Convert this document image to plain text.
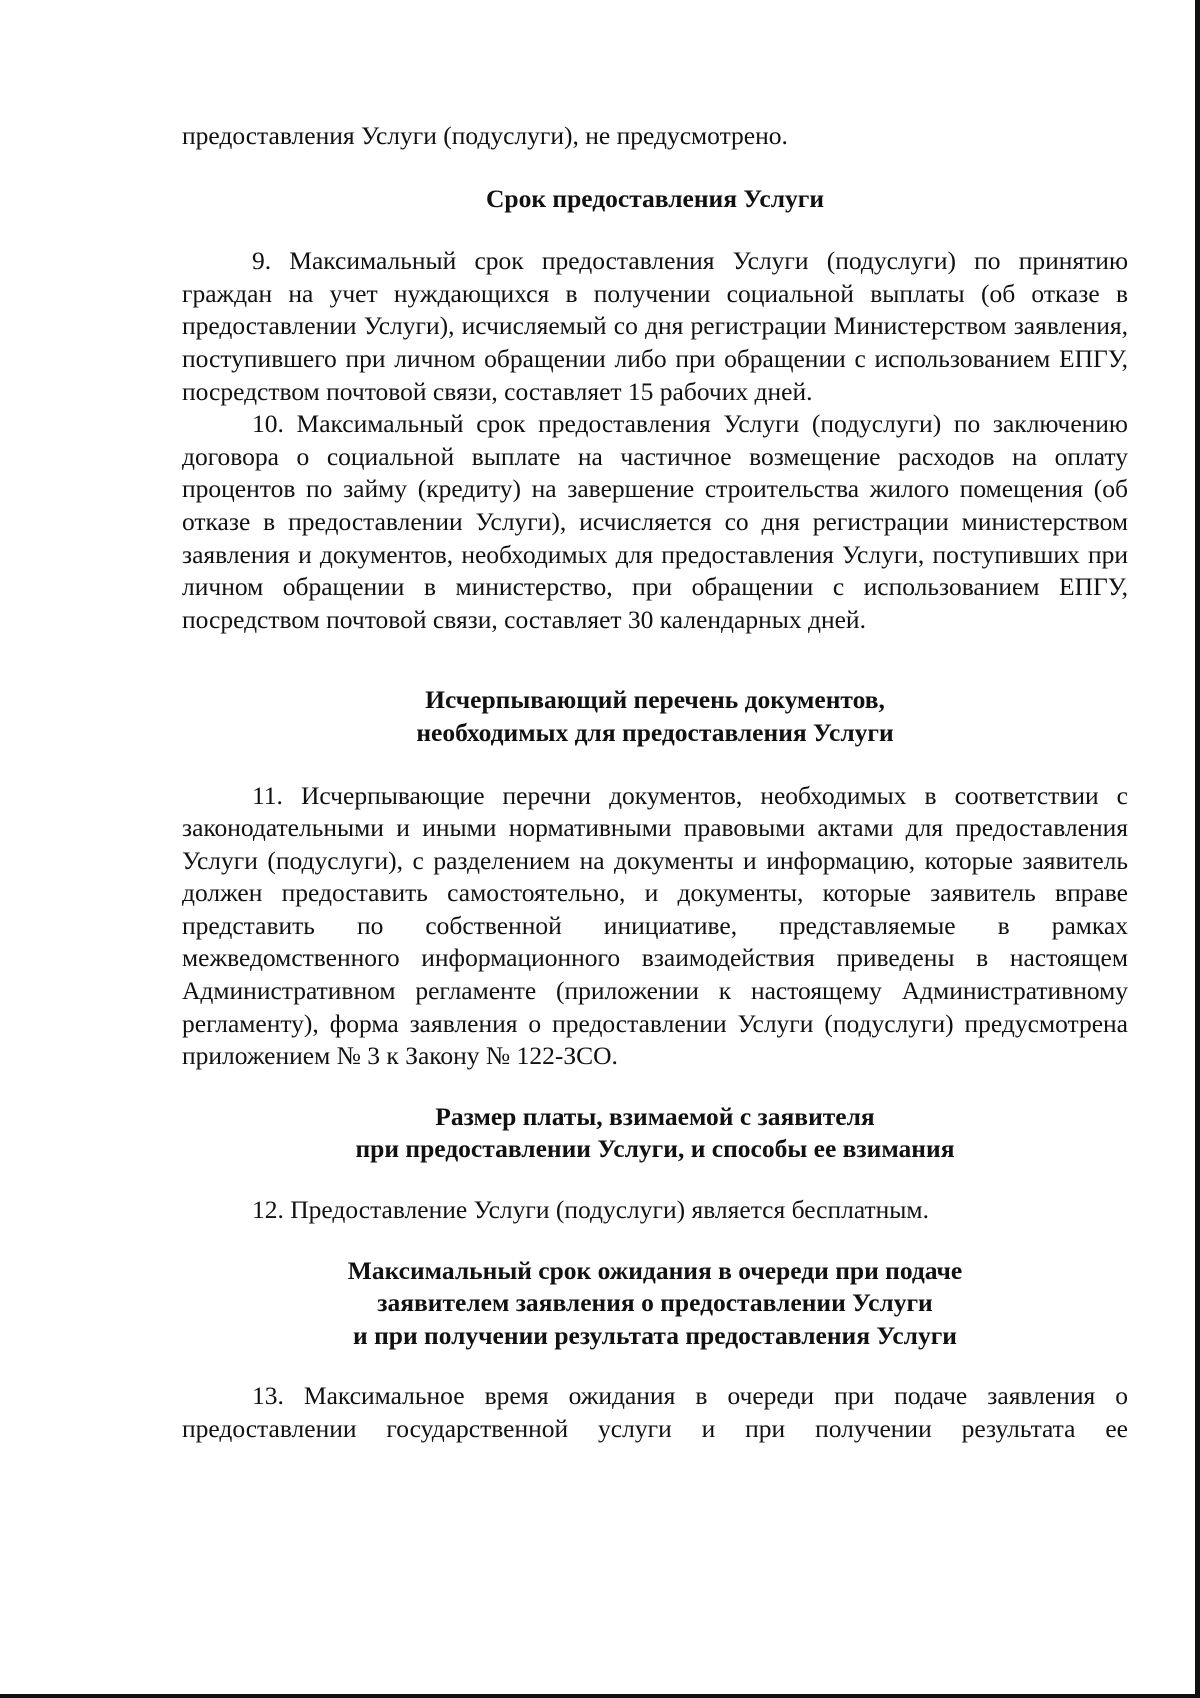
предоставления Услуги (подуслуги), не предусмотрено.

Срок предоставления Услуги

9. Максимальный срок предоставления Услуги (подуслуги) по принятию граждан на учет нуждающихся в получении социальной выплаты (об отказе в предоставлении Услуги), исчисляемый со дня регистрации Министерством заявления, поступившего при личном обращении либо при обращении с использованием ЕПГУ, посредством почтовой связи, составляет 15 рабочих дней.

10. Максимальный срок предоставления Услуги (подуслуги) по заключению договора о социальной выплате на частичное возмещение расходов на оплату процентов по займу (кредиту) на завершение строительства жилого помещения (об отказе в предоставлении Услуги), исчисляется со дня регистрации министерством заявления и документов, необходимых для предоставления Услуги, поступивших при личном обращении в министерство, при обращении с использованием ЕПГУ, посредством почтовой связи, составляет 30 календарных дней.

Исчерпывающий перечень документов,
необходимых для предоставления Услуги

11. Исчерпывающие перечни документов, необходимых в соответствии с законодательными и иными нормативными правовыми актами для предоставления Услуги (подуслуги), с разделением на документы и информацию, которые заявитель должен предоставить самостоятельно, и документы, которые заявитель вправе представить по собственной инициативе, представляемые в рамках межведомственного информационного взаимодействия приведены в настоящем Административном регламенте (приложении к настоящему Административному регламенту), форма заявления о предоставлении Услуги (подуслуги) предусмотрена приложением № 3 к Закону № 122-ЗСО.

Размер платы, взимаемой с заявителя
при предоставлении Услуги, и способы ее взимания

12. Предоставление Услуги (подуслуги) является бесплатным.

Максимальный срок ожидания в очереди при подаче
заявителем заявления о предоставлении Услуги
и при получении результата предоставления Услуги

13. Максимальное время ожидания в очереди при подаче заявления о предоставлении государственной услуги и при получении результата ее
